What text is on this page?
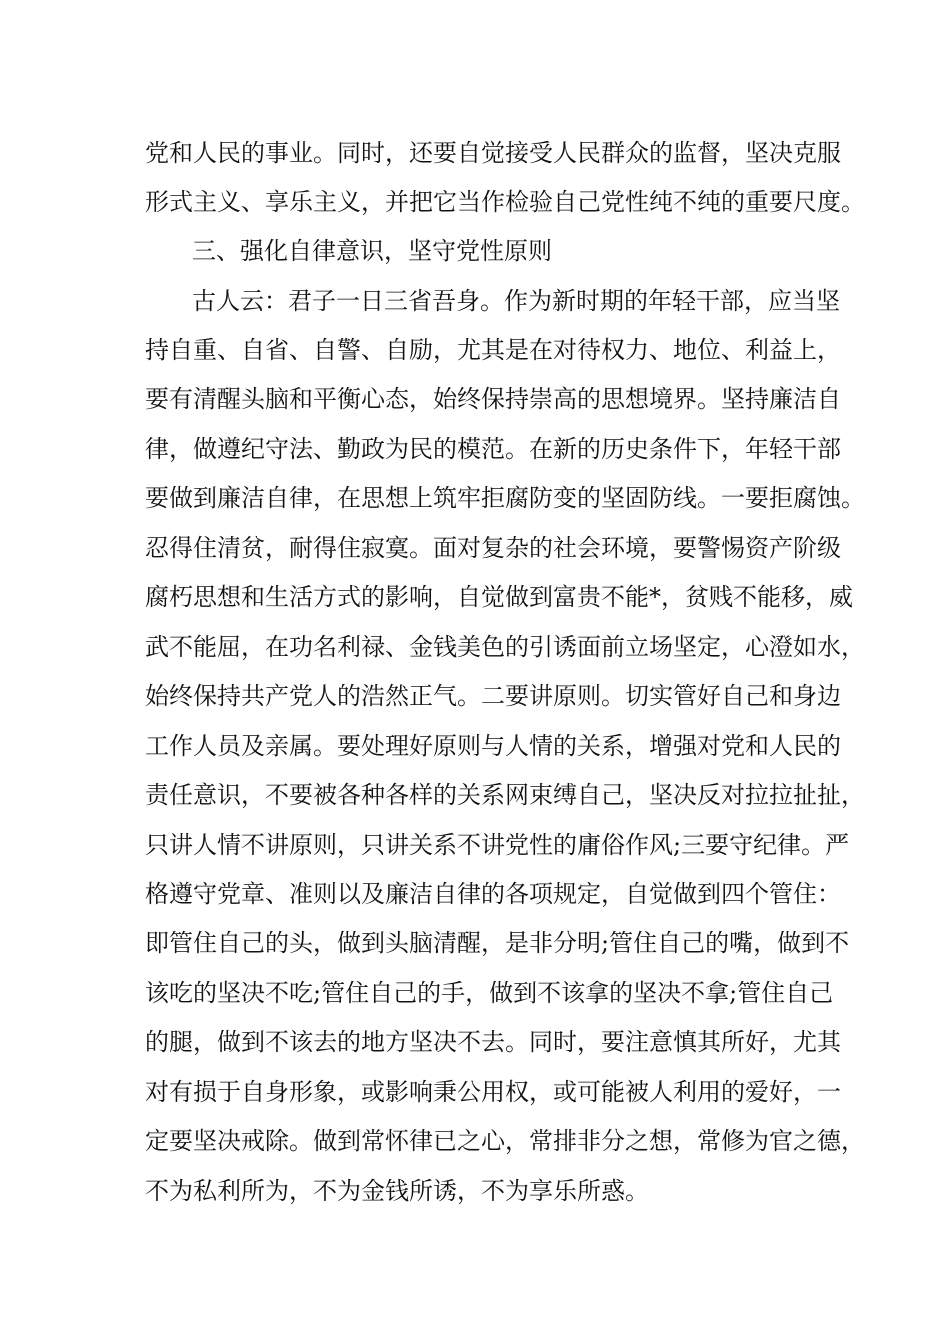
党和人民的事业。同时，还要自觉接受人民群众的监督，坚决克服

形式主义、享乐主义，并把它当作检验自己党性纯不纯的重要尺度。

三、强化自律意识，坚守党性原则

古人云：君子一日三省吾身。作为新时期的年轻干部，应当坚

持自重、自省、自警、自励，尤其是在对待权力、地位、利益上，

要有清醒头脑和平衡心态，始终保持崇高的思想境界。坚持廉洁自

律，做遵纪守法、勤政为民的模范。在新的历史条件下，年轻干部

要做到廉洁自律，在思想上筑牢拒腐防变的坚固防线。一要拒腐蚀。

忍得住清贫，耐得住寂寞。面对复杂的社会环境，要警惕资产阶级

腐朽思想和生活方式的影响，自觉做到富贵不能*，贫贱不能移，威

武不能屈，在功名利禄、金钱美色的引诱面前立场坚定，心澄如水，

始终保持共产党人的浩然正气。二要讲原则。切实管好自己和身边

工作人员及亲属。要处理好原则与人情的关系，增强对党和人民的

责任意识，不要被各种各样的关系网束缚自己，坚决反对拉拉扯扯，

只讲人情不讲原则，只讲关系不讲党性的庸俗作风;三要守纪律。严

格遵守党章、准则以及廉洁自律的各项规定，自觉做到四个管住：

即管住自己的头，做到头脑清醒，是非分明;管住自己的嘴，做到不

该吃的坚决不吃;管住自己的手，做到不该拿的坚决不拿;管住自己

的腿，做到不该去的地方坚决不去。同时，要注意慎其所好，尤其

对有损于自身形象，或影响秉公用权，或可能被人利用的爱好，一

定要坚决戒除。做到常怀律已之心，常排非分之想，常修为官之德，

不为私利所为，不为金钱所诱，不为享乐所惑。
